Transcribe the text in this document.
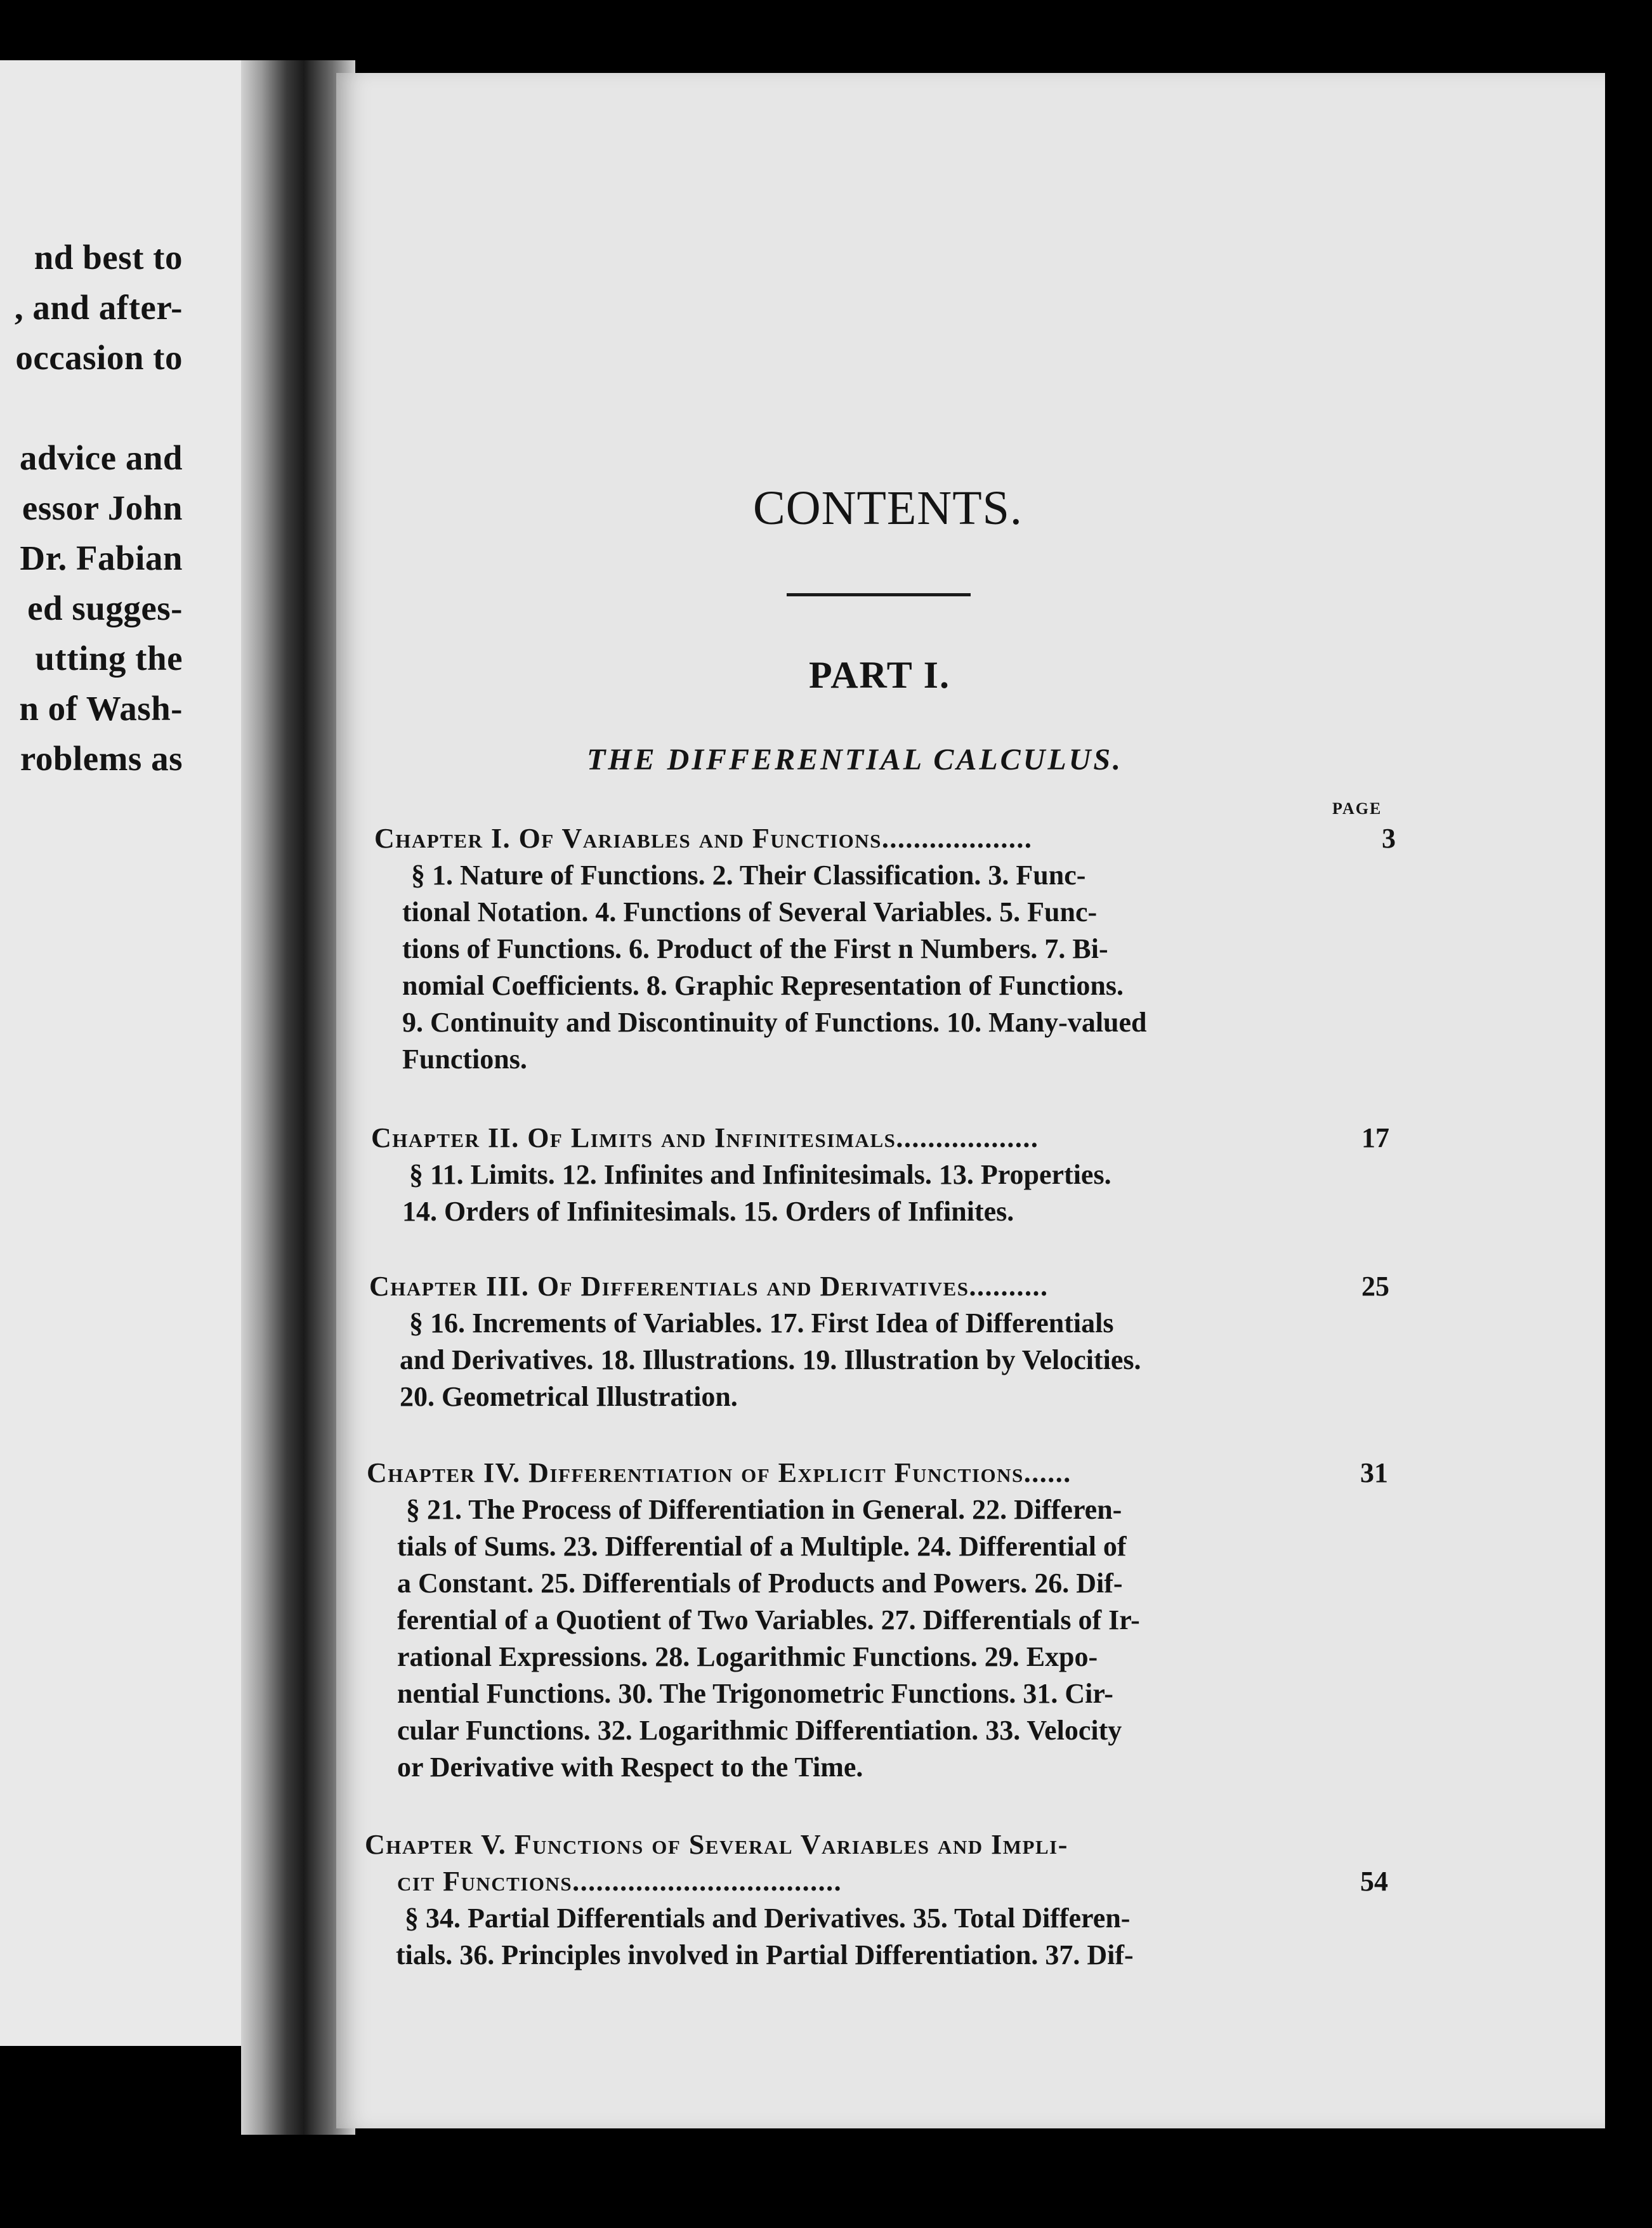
nd best to
, and after-
occasion to
advice and
essor John
Dr. Fabian
ed sugges-
utting the
n of Wash-
roblems as
CONTENTS.
PART I.
THE DIFFERENTIAL CALCULUS.
PAGE
Chapter I. Of Variables and Functions...................	3
§ 1. Nature of Functions. 2. Their Classification. 3. Func-
tional Notation. 4. Functions of Several Variables. 5. Func-
tions of Functions. 6. Product of the First n Numbers. 7. Bi-
nomial Coefficients. 8. Graphic Representation of Functions.
9. Continuity and Discontinuity of Functions. 10. Many-valued
Functions.
Chapter II. Of Limits and Infinitesimals..................	17
§ 11. Limits. 12. Infinites and Infinitesimals. 13. Properties.
14. Orders of Infinitesimals. 15. Orders of Infinites.
Chapter III. Of Differentials and Derivatives..........	25
§ 16. Increments of Variables. 17. First Idea of Differentials
and Derivatives. 18. Illustrations. 19. Illustration by Velocities.
20. Geometrical Illustration.
Chapter IV. Differentiation of Explicit Functions......	31
§ 21. The Process of Differentiation in General. 22. Differen-
tials of Sums. 23. Differential of a Multiple. 24. Differential of
a Constant. 25. Differentials of Products and Powers. 26. Dif-
ferential of a Quotient of Two Variables. 27. Differentials of Ir-
rational Expressions. 28. Logarithmic Functions. 29. Expo-
nential Functions. 30. The Trigonometric Functions. 31. Cir-
cular Functions. 32. Logarithmic Differentiation. 33. Velocity
or Derivative with Respect to the Time.
Chapter V. Functions of Several Variables and Impli-
cit Functions..................................	54
§ 34. Partial Differentials and Derivatives. 35. Total Differen-
tials. 36. Principles involved in Partial Differentiation. 37. Dif-
